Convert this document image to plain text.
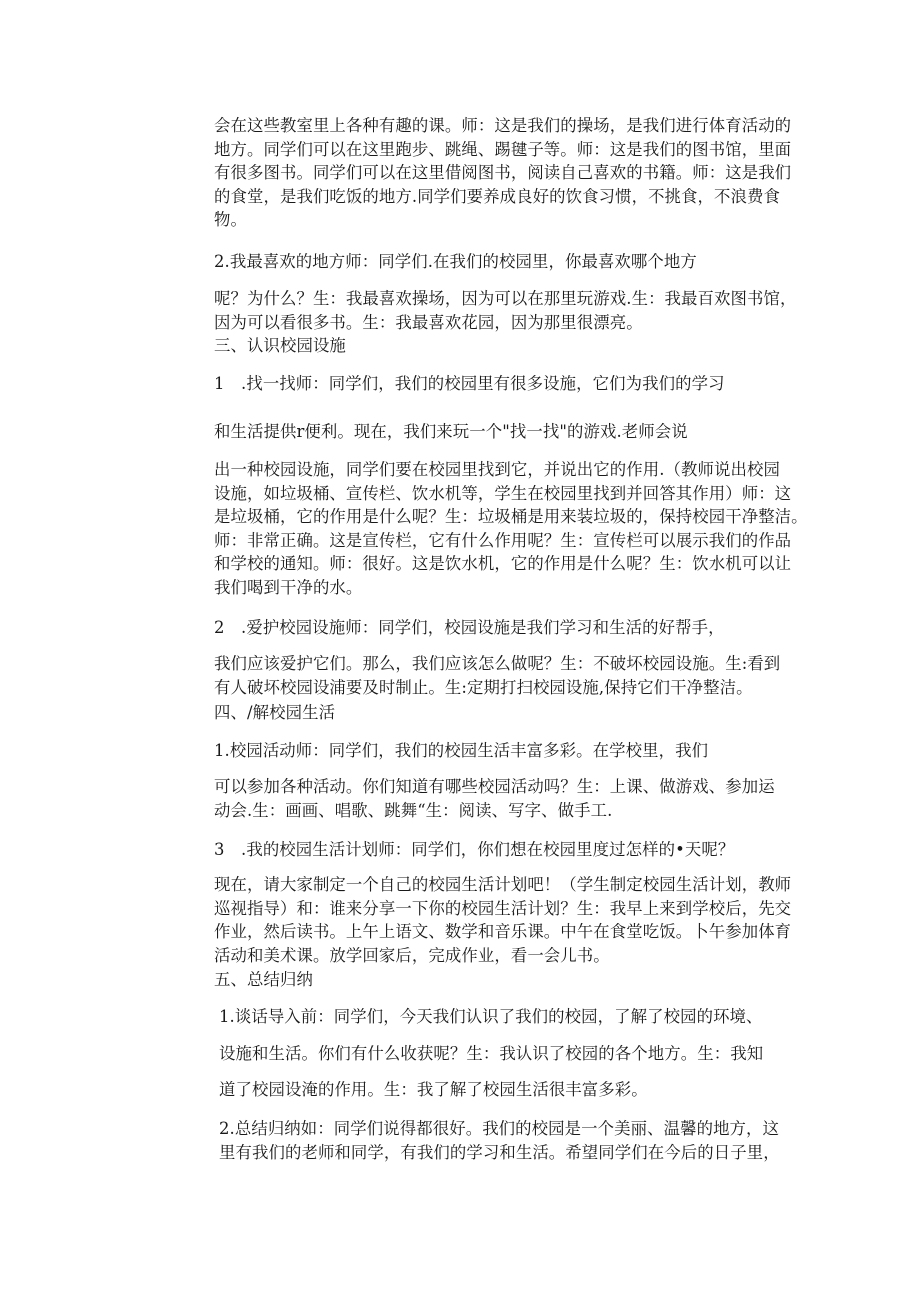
会在这些教室里上各种有趣的课。师：这是我们的操场，是我们进行体育活动的
地方。同学们可以在这里跑步、跳绳、踢毽子等。师：这是我们的图书馆，里面
有很多图书。同学们可以在这里借阅图书，阅读自己喜欢的书籍。师：这是我们
的食堂，是我们吃饭的地方.同学们要养成良好的饮食习惯，不挑食，不浪费食
物。
2.我最喜欢的地方师：同学们.在我们的校园里，你最喜欢哪个地方
呢？为什么？生：我最喜欢操场，因为可以在那里玩游戏.生：我最百欢图书馆，
因为可以看很多书。生：我最喜欢花园，因为那里很漂亮。
三、认识校园设施
1　.找一找师：同学们，我们的校园里有很多设施，它们为我们的学习
和生活提供r便利。现在，我们来玩一个"找一找"的游戏.老师会说
出一种校园设施，同学们要在校园里找到它，并说出它的作用.（教师说出校园
设施，如垃圾桶、宣传栏、饮水机等，学生在校园里找到并回答其作用）师：这
是垃圾桶，它的作用是什么呢？生：垃圾桶是用来装垃圾的，保持校园干净整洁。
师：非常正确。这是宣传栏，它有什么作用呢？生：宣传栏可以展示我们的作品
和学校的通知。师：很好。这是饮水机，它的作用是什么呢？生：饮水机可以让
我们喝到干净的水。
2　.爱护校园设施师：同学们，校园设施是我们学习和生活的好帮手，
我们应该爱护它们。那么，我们应该怎么做呢？生：不破坏校园设施。生:看到
有人破坏校园设浦要及时制止。生:定期打扫校园设施,保持它们干净整洁。
四、/解校园生活
1.校园活动师：同学们，我们的校园生活丰富多彩。在学校里，我们
可以参加各种活动。你们知道有哪些校园活动吗？生：上课、做游戏、参加运
动会.生：画画、唱歌、跳舞“生：阅读、写字、做手工.
3　.我的校园生活计划师：同学们，你们想在校园里度过怎样的•天呢？
现在，请大家制定一个自己的校园生活计划吧！（学生制定校园生活计划，教师
巡视指导）和：谁来分享一下你的校园生活计划？生：我早上来到学校后，先交
作业，然后读书。上午上语文、数学和音乐课。中午在食堂吃饭。卜午参加体育
活动和美术课。放学回家后，完成作业，看一会儿书。
五、总结归纳
1.谈话导入前：同学们，今天我们认识了我们的校园，了解了校园的环境、
设施和生活。你们有什么收获呢？生：我认识了校园的各个地方。生：我知
道了校园设淹的作用。生：我了解了校园生活很丰富多彩。
2.总结归纳如：同学们说得都很好。我们的校园是一个美丽、温馨的地方，这
里有我们的老师和同学，有我们的学习和生活。希望同学们在今后的日子里，
